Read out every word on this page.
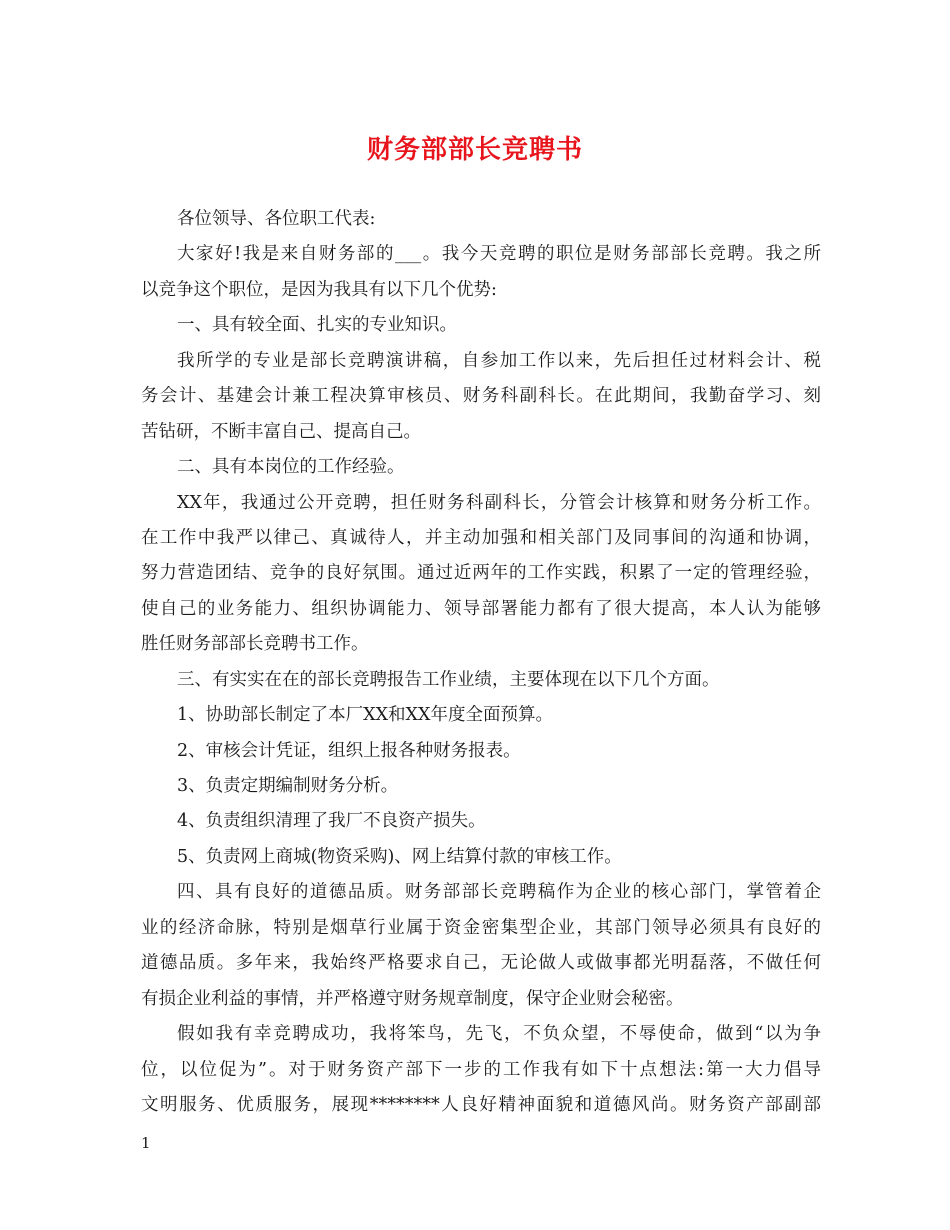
财务部部长竞聘书
各位领导、各位职工代表:
大家好!我是来自财务部的___。我今天竞聘的职位是财务部部长竞聘。我之所
以竞争这个职位，是因为我具有以下几个优势:
一、具有较全面、扎实的专业知识。
我所学的专业是部长竞聘演讲稿，自参加工作以来，先后担任过材料会计、税
务会计、基建会计兼工程决算审核员、财务科副科长。在此期间，我勤奋学习、刻
苦钻研，不断丰富自己、提高自己。
二、具有本岗位的工作经验。
XX年，我通过公开竞聘，担任财务科副科长，分管会计核算和财务分析工作。
在工作中我严以律己、真诚待人，并主动加强和相关部门及同事间的沟通和协调，
努力营造团结、竞争的良好氛围。通过近两年的工作实践，积累了一定的管理经验，
使自己的业务能力、组织协调能力、领导部署能力都有了很大提高，本人认为能够
胜任财务部部长竞聘书工作。
三、有实实在在的部长竞聘报告工作业绩，主要体现在以下几个方面。
1、协助部长制定了本厂XX和XX年度全面预算。
2、审核会计凭证，组织上报各种财务报表。
3、负责定期编制财务分析。
4、负责组织清理了我厂不良资产损失。
5、负责网上商城(物资采购)、网上结算付款的审核工作。
四、具有良好的道德品质。财务部部长竞聘稿作为企业的核心部门，掌管着企
业的经济命脉，特别是烟草行业属于资金密集型企业，其部门领导必须具有良好的
道德品质。多年来，我始终严格要求自己，无论做人或做事都光明磊落，不做任何
有损企业利益的事情，并严格遵守财务规章制度，保守企业财会秘密。
假如我有幸竞聘成功，我将笨鸟，先飞，不负众望，不辱使命，做到“以为争
位，以位促为”。对于财务资产部下一步的工作我有如下十点想法:第一大力倡导
文明服务、优质服务，展现********人良好精神面貌和道德风尚。财务资产部副部
1
